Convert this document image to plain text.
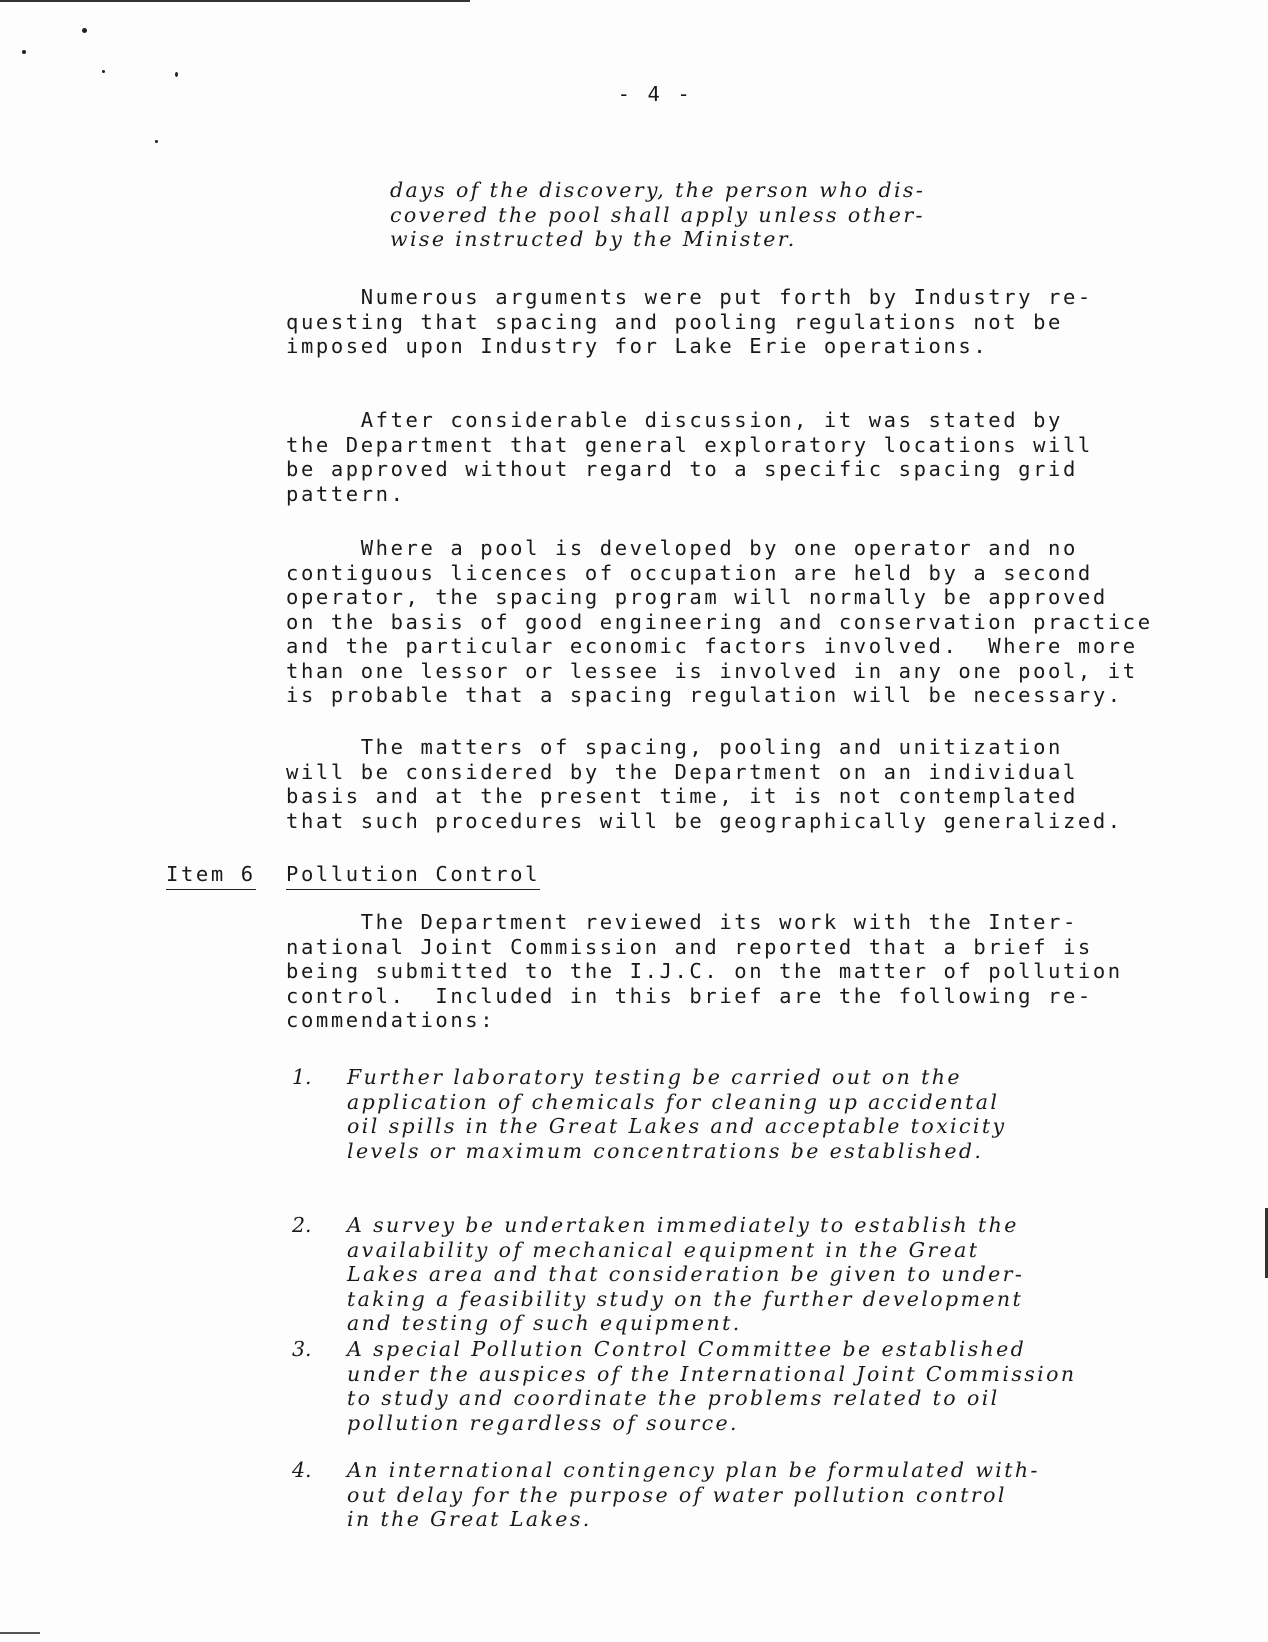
- 4 -

days of the discovery, the person who dis-
covered the pool shall apply unless other-
wise instructed by the Minister.

Numerous arguments were put forth by Industry re-
questing that spacing and pooling regulations not be
imposed upon Industry for Lake Erie operations.

After considerable discussion, it was stated by
the Department that general exploratory locations will
be approved without regard to a specific spacing grid
pattern.

Where a pool is developed by one operator and no
contiguous licences of occupation are held by a second
operator, the spacing program will normally be approved
on the basis of good engineering and conservation practice
and the particular economic factors involved.  Where more
than one lessor or lessee is involved in any one pool, it
is probable that a spacing regulation will be necessary.

The matters of spacing, pooling and unitization
will be considered by the Department on an individual
basis and at the present time, it is not contemplated
that such procedures will be geographically generalized.

Item 6 Pollution Control

The Department reviewed its work with the Inter-
national Joint Commission and reported that a brief is
being submitted to the I.J.C. on the matter of pollution
control.  Included in this brief are the following re-
commendations:

1. Further laboratory testing be carried out on the
application of chemicals for cleaning up accidental
oil spills in the Great Lakes and acceptable toxicity
levels or maximum concentrations be established.

2. A survey be undertaken immediately to establish the
availability of mechanical equipment in the Great
Lakes area and that consideration be given to under-
taking a feasibility study on the further development
and testing of such equipment.

3. A special Pollution Control Committee be established
under the auspices of the International Joint Commission
to study and coordinate the problems related to oil
pollution regardless of source.

4. An international contingency plan be formulated with-
out delay for the purpose of water pollution control
in the Great Lakes.
